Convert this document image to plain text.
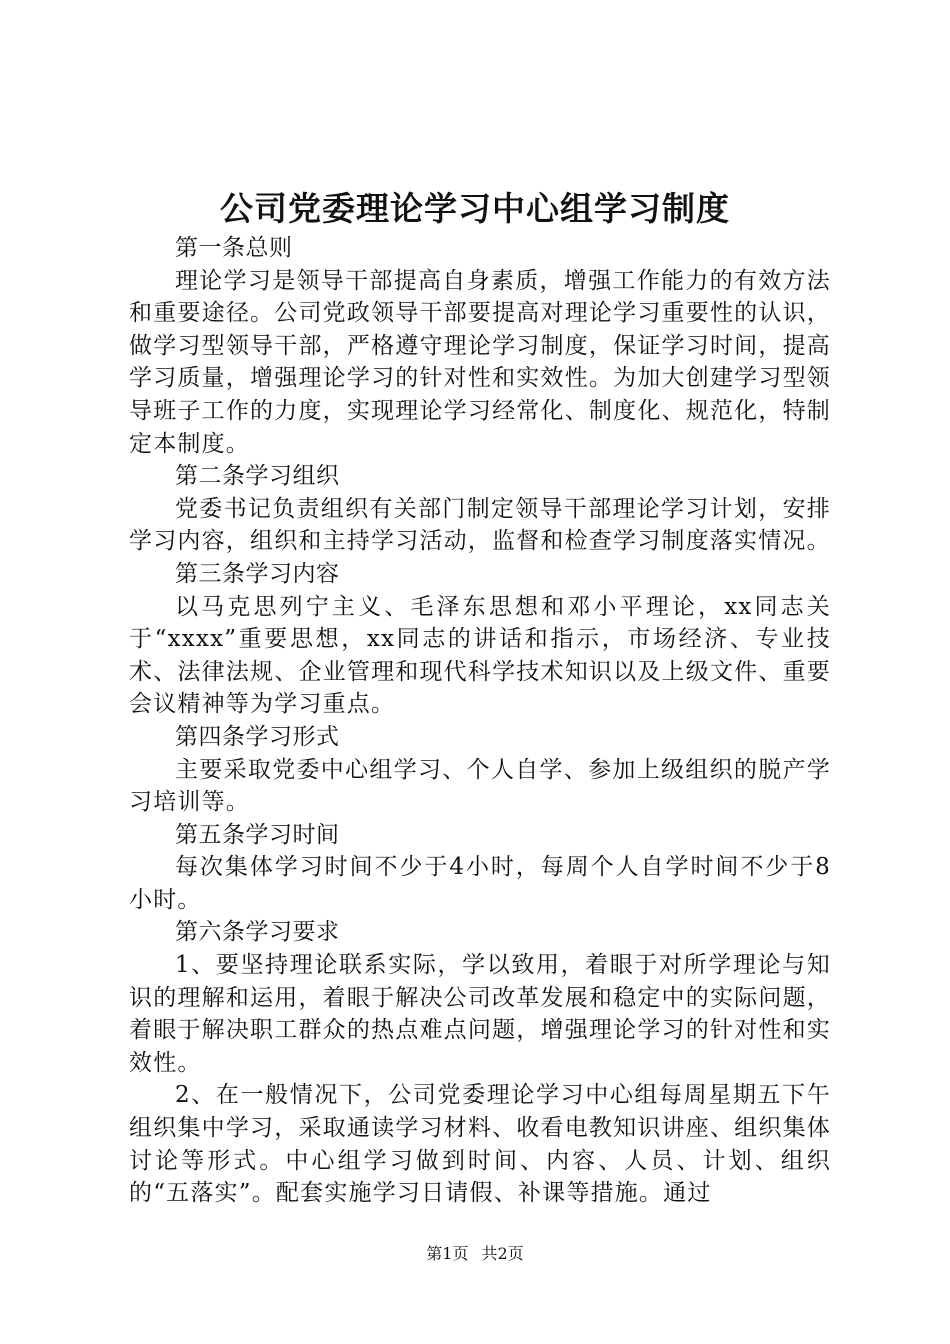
公司党委理论学习中心组学习制度

第一条总则

理论学习是领导干部提高自身素质，增强工作能力的有效方法和重要途径。公司党政领导干部要提高对理论学习重要性的认识，做学习型领导干部，严格遵守理论学习制度，保证学习时间，提高学习质量，增强理论学习的针对性和实效性。为加大创建学习型领导班子工作的力度，实现理论学习经常化、制度化、规范化，特制定本制度。

第二条学习组织

党委书记负责组织有关部门制定领导干部理论学习计划，安排学习内容，组织和主持学习活动，监督和检查学习制度落实情况。

第三条学习内容

以马克思列宁主义、毛泽东思想和邓小平理论，xx同志关于“xxxx”重要思想，xx同志的讲话和指示，市场经济、专业技术、法律法规、企业管理和现代科学技术知识以及上级文件、重要会议精神等为学习重点。

第四条学习形式

主要采取党委中心组学习、个人自学、参加上级组织的脱产学习培训等。

第五条学习时间

每次集体学习时间不少于4小时，每周个人自学时间不少于8小时。

第六条学习要求

1、要坚持理论联系实际，学以致用，着眼于对所学理论与知识的理解和运用，着眼于解决公司改革发展和稳定中的实际问题，着眼于解决职工群众的热点难点问题，增强理论学习的针对性和实效性。

2、在一般情况下，公司党委理论学习中心组每周星期五下午组织集中学习，采取通读学习材料、收看电教知识讲座、组织集体讨论等形式。中心组学习做到时间、内容、人员、计划、组织的“五落实”。配套实施学习日请假、补课等措施。通过

第1页 共2页
